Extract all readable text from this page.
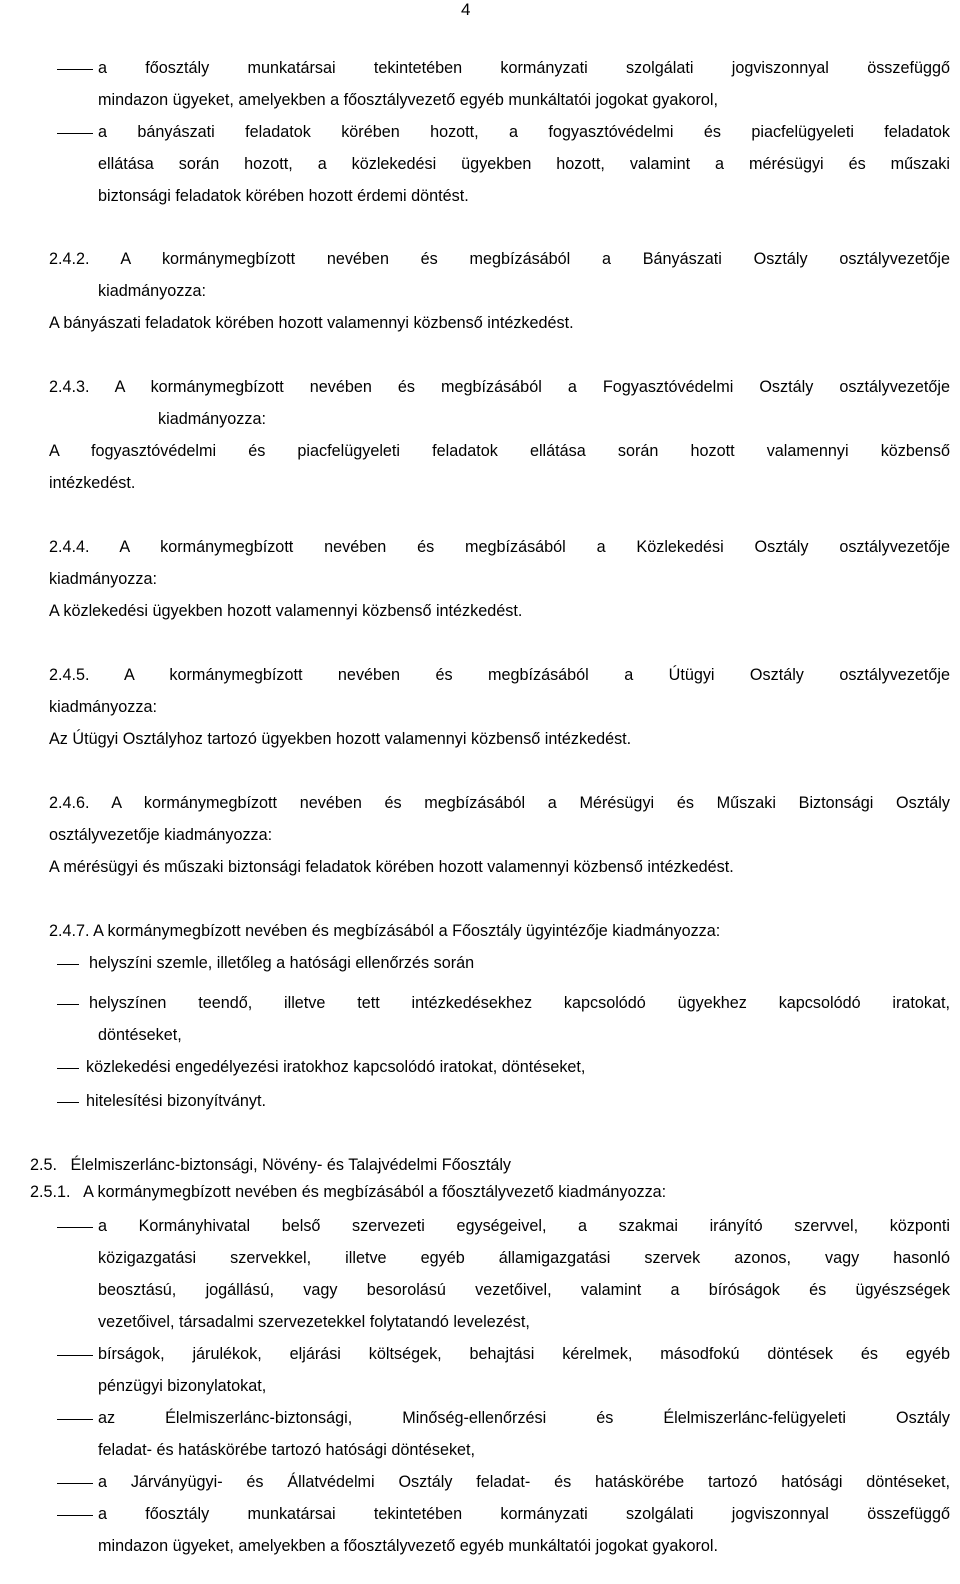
4
a főosztály munkatársai tekintetében kormányzati szolgálati jogviszonnyal összefüggő
mindazon ügyeket, amelyekben a főosztályvezető egyéb munkáltatói jogokat gyakorol,
a bányászati feladatok körében hozott, a fogyasztóvédelmi és piacfelügyeleti feladatok
ellátása során hozott, a közlekedési ügyekben hozott, valamint a mérésügyi és műszaki
biztonsági feladatok körében hozott érdemi döntést.
2.4.2. A kormánymegbízott nevében és megbízásából a Bányászati Osztály osztályvezetője
kiadmányozza:
A bányászati feladatok körében hozott valamennyi közbenső intézkedést.
2.4.3. A kormánymegbízott nevében és megbízásából a Fogyasztóvédelmi Osztály osztályvezetője
kiadmányozza:
A fogyasztóvédelmi és piacfelügyeleti feladatok ellátása során hozott valamennyi közbenső
intézkedést.
2.4.4. A kormánymegbízott nevében és megbízásából a Közlekedési Osztály osztályvezetője
kiadmányozza:
A közlekedési ügyekben hozott valamennyi közbenső intézkedést.
2.4.5. A kormánymegbízott nevében és megbízásából a Útügyi Osztály osztályvezetője
kiadmányozza:
Az Útügyi Osztályhoz tartozó ügyekben hozott valamennyi közbenső intézkedést.
2.4.6. A kormánymegbízott nevében és megbízásából a Mérésügyi és Műszaki Biztonsági Osztály
osztályvezetője kiadmányozza:
A mérésügyi és műszaki biztonsági feladatok körében hozott valamennyi közbenső intézkedést.
2.4.7. A kormánymegbízott nevében és megbízásából a Főosztály ügyintézője kiadmányozza:
helyszíni szemle, illetőleg a hatósági ellenőrzés során
helyszínen teendő, illetve tett intézkedésekhez kapcsolódó ügyekhez kapcsolódó iratokat,
döntéseket,
közlekedési engedélyezési iratokhoz kapcsolódó iratokat, döntéseket,
hitelesítési bizonyítványt.
2.5.   Élelmiszerlánc-biztonsági, Növény- és Talajvédelmi Főosztály
2.5.1.   A kormánymegbízott nevében és megbízásából a főosztályvezető kiadmányozza:
a Kormányhivatal belső szervezeti egységeivel, a szakmai irányító szervvel, központi
közigazgatási szervekkel, illetve egyéb államigazgatási szervek azonos, vagy hasonló
beosztású, jogállású, vagy besorolású vezetőivel, valamint a bíróságok és ügyészségek
vezetőivel, társadalmi szervezetekkel folytatandó levelezést,
bírságok, járulékok, eljárási költségek, behajtási kérelmek, másodfokú döntések és egyéb
pénzügyi bizonylatokat,
az Élelmiszerlánc-biztonsági, Minőség-ellenőrzési és Élelmiszerlánc-felügyeleti Osztály
feladat- és hatáskörébe tartozó hatósági döntéseket,
a Járványügyi- és Állatvédelmi Osztály feladat- és hatáskörébe tartozó hatósági döntéseket,
a főosztály munkatársai tekintetében kormányzati szolgálati jogviszonnyal összefüggő
mindazon ügyeket, amelyekben a főosztályvezető egyéb munkáltatói jogokat gyakorol.
